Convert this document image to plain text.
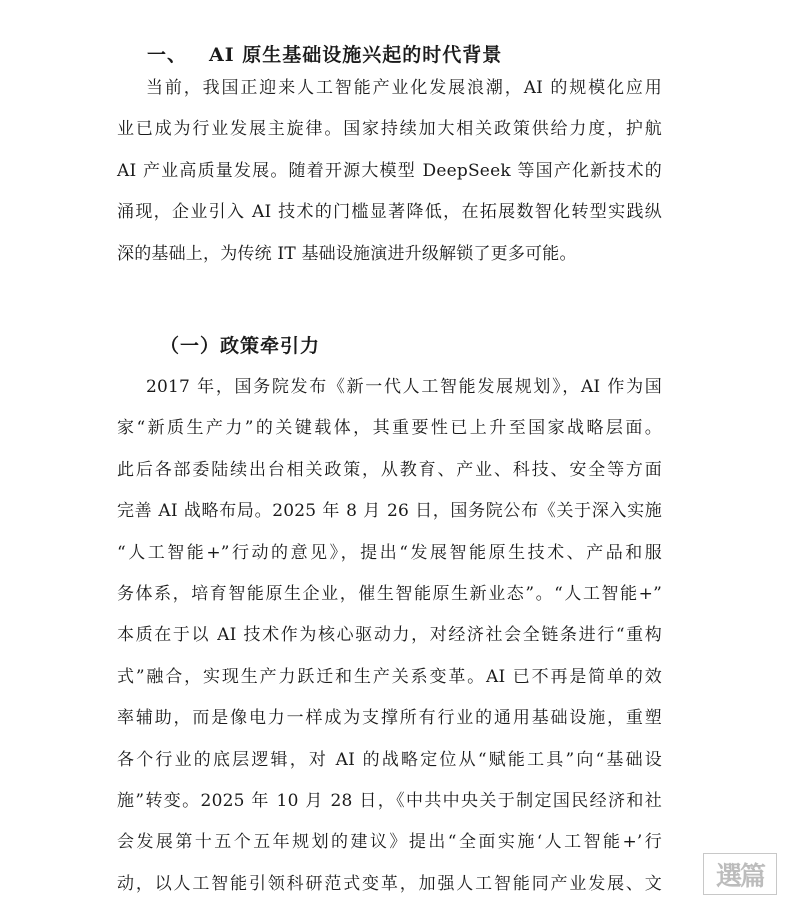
一、 AI 原生基础设施兴起的时代背景
当前，我国正迎来人工智能产业化发展浪潮，AI 的规模化应用
业已成为行业发展主旋律。国家持续加大相关政策供给力度，护航
AI 产业高质量发展。随着开源大模型 DeepSeek 等国产化新技术的
涌现，企业引入 AI 技术的门槛显著降低，在拓展数智化转型实践纵
深的基础上，为传统 IT 基础设施演进升级解锁了更多可能。
（一）政策牵引力
2017 年，国务院发布《新一代人工智能发展规划》，AI 作为国
家“新质生产力”的关键载体，其重要性已上升至国家战略层面。
此后各部委陆续出台相关政策，从教育、产业、科技、安全等方面
完善 AI 战略布局。2025 年 8 月 26 日，国务院公布《关于深入实施
“人工智能+”行动的意见》，提出“发展智能原生技术、产品和服
务体系，培育智能原生企业，催生智能原生新业态”。“人工智能+”
本质在于以 AI 技术作为核心驱动力，对经济社会全链条进行“重构
式”融合，实现生产力跃迁和生产关系变革。AI 已不再是简单的效
率辅助，而是像电力一样成为支撑所有行业的通用基础设施，重塑
各个行业的底层逻辑，对 AI 的战略定位从“赋能工具”向“基础设
施”转变。2025 年 10 月 28 日，《中共中央关于制定国民经济和社
会发展第十五个五年规划的建议》提出“全面实施‘人工智能+’行
动，以人工智能引领科研范式变革，加强人工智能同产业发展、文	選篇
